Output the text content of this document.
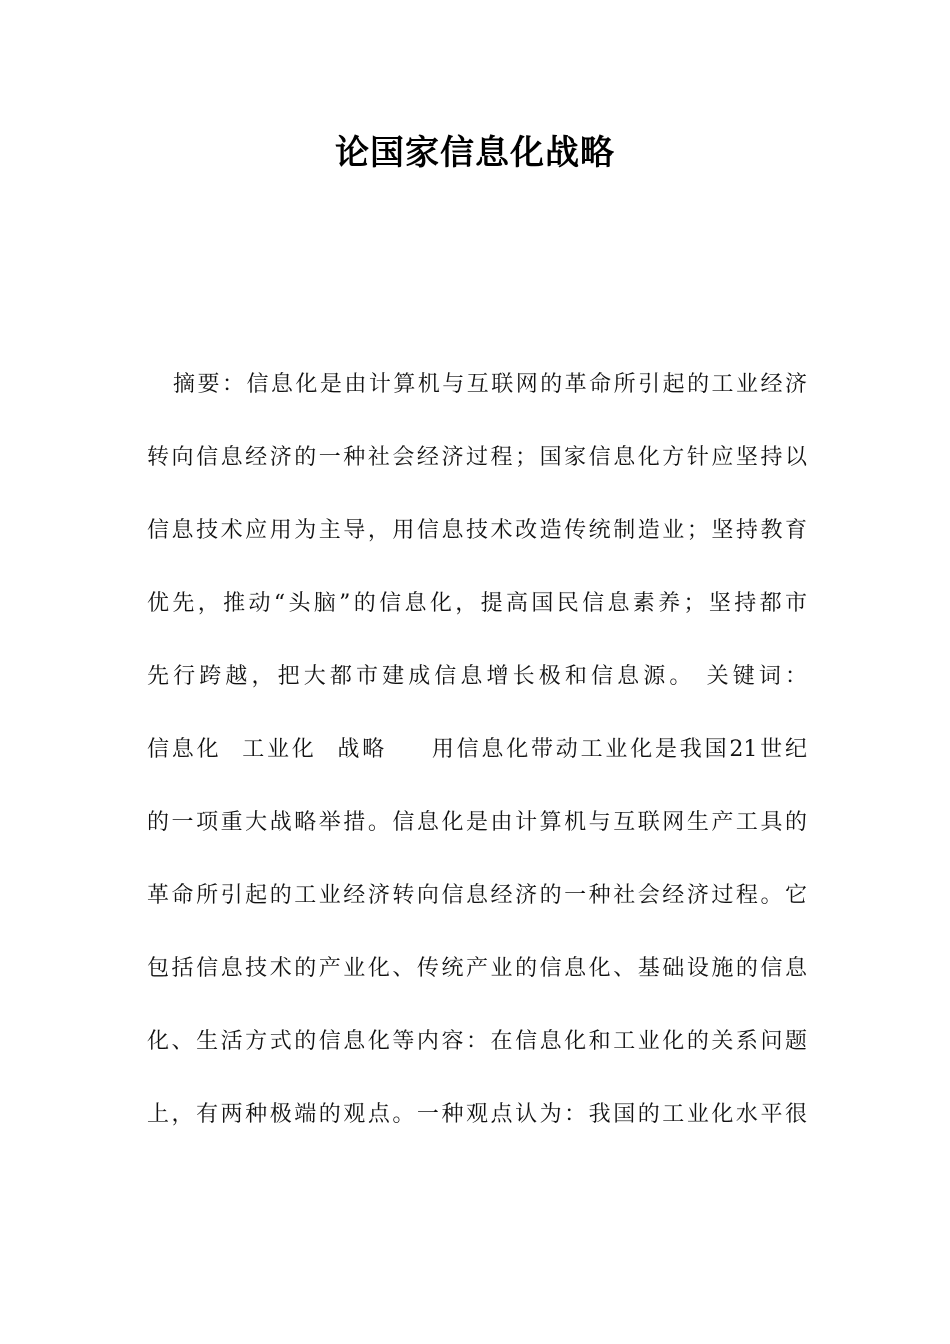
论国家信息化战略
摘要：信息化是由计算机与互联网的革命所引起的工业经济
转向信息经济的一种社会经济过程；国家信息化方针应坚持以
信息技术应用为主导，用信息技术改造传统制造业；坚持教育
优先，推动“头脑”的信息化，提高国民信息素养；坚持都市
先行跨越，把大都市建成信息增长极和信息源。 关键词：
信息化 工业化 战略 用信息化带动工业化是我国21世纪
的一项重大战略举措。信息化是由计算机与互联网生产工具的
革命所引起的工业经济转向信息经济的一种社会经济过程。它
包括信息技术的产业化、传统产业的信息化、基础设施的信息
化、生活方式的信息化等内容：在信息化和工业化的关系问题
上，有两种极端的观点。一种观点认为：我国的工业化水平很
